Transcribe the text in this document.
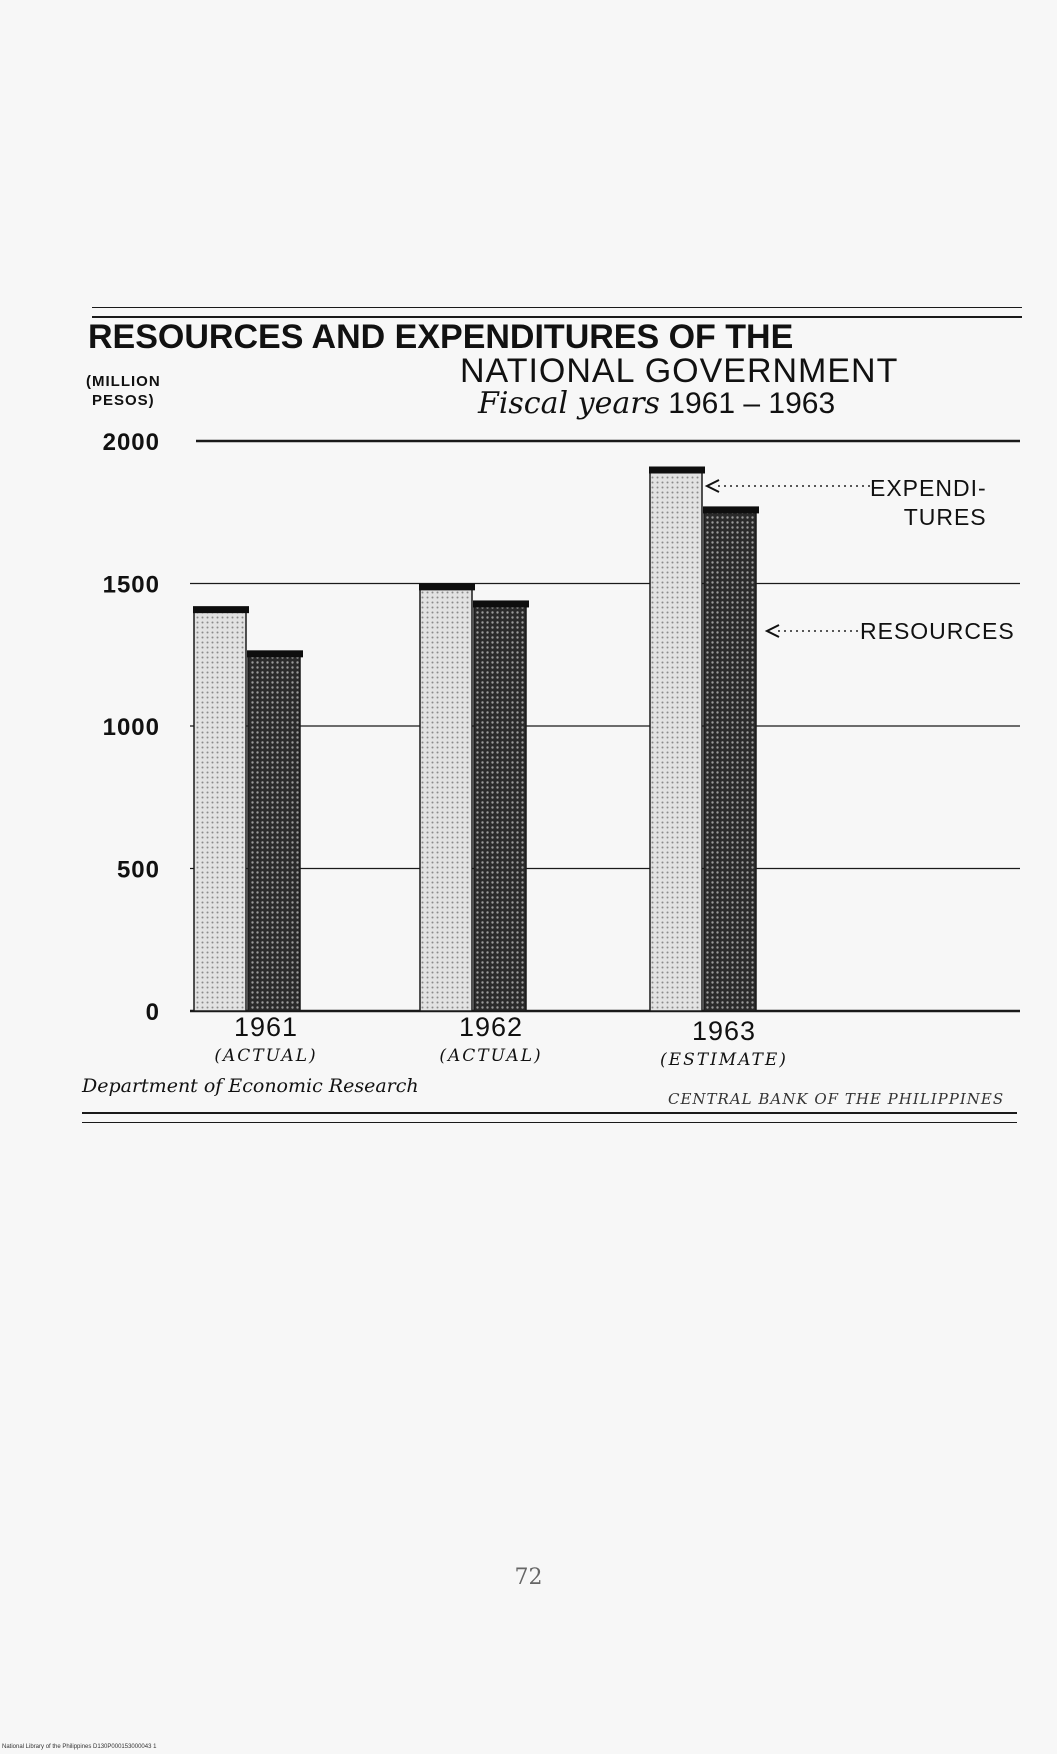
RESOURCES AND EXPENDITURES OF THE
NATIONAL GOVERNMENT
Fiscal years 1961 – 1963
(MILLION
PESOS)
0
500
1000
1500
2000
1961
(ACTUAL)
1962
(ACTUAL)
1963
(ESTIMATE)
EXPENDI-
TURES
RESOURCES
Department of Economic Research
CENTRAL BANK OF THE PHILIPPINES
72
National Library of the Philippines D130P000153000043 1
